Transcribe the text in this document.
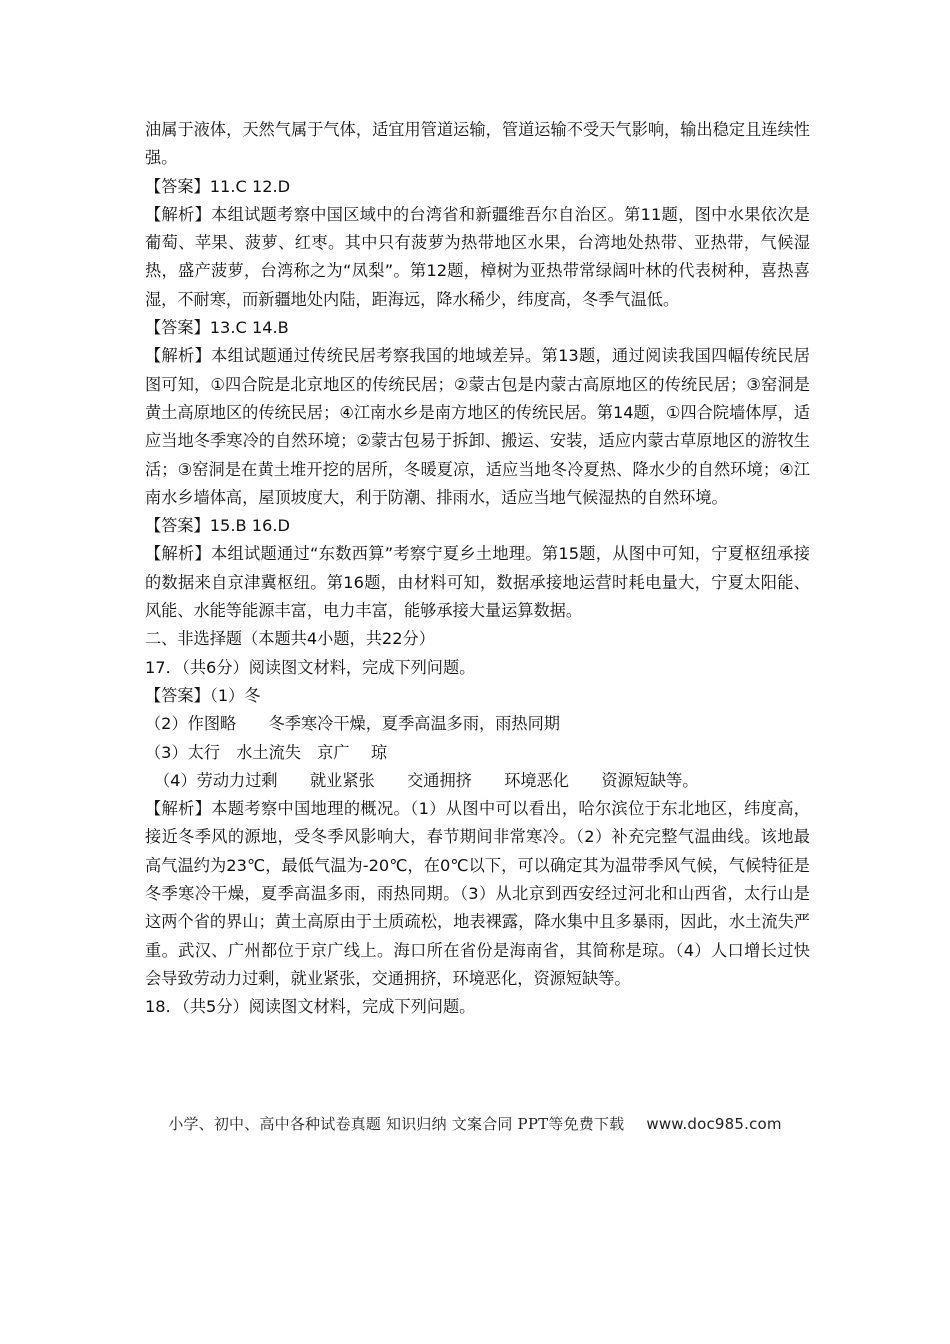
油属于液体，天然气属于气体，适宜用管道运输，管道运输不受天气影响，输出稳定且连续性强。

【答案】11.C 12.D

【解析】本组试题考察中国区域中的台湾省和新疆维吾尔自治区。第11题，图中水果依次是葡萄、苹果、菠萝、红枣。其中只有菠萝为热带地区水果，台湾地处热带、亚热带，气候湿热，盛产菠萝，台湾称之为“凤梨”。第12题，樟树为亚热带常绿阔叶林的代表树种，喜热喜湿，不耐寒，而新疆地处内陆，距海远，降水稀少，纬度高，冬季气温低。

【答案】13.C 14.B

【解析】本组试题通过传统民居考察我国的地域差异。第13题，通过阅读我国四幅传统民居图可知，①四合院是北京地区的传统民居；②蒙古包是内蒙古高原地区的传统民居；③窑洞是黄土高原地区的传统民居；④江南水乡是南方地区的传统民居。第14题，①四合院墙体厚，适应当地冬季寒冷的自然环境；②蒙古包易于拆卸、搬运、安装，适应内蒙古草原地区的游牧生活；③窑洞是在黄土堆开挖的居所，冬暖夏凉，适应当地冬冷夏热、降水少的自然环境；④江南水乡墙体高，屋顶坡度大，利于防潮、排雨水，适应当地气候湿热的自然环境。

【答案】15.B 16.D

【解析】本组试题通过“东数西算”考察宁夏乡土地理。第15题，从图中可知，宁夏枢纽承接的数据来自京津冀枢纽。第16题，由材料可知，数据承接地运营时耗电量大，宁夏太阳能、风能、水能等能源丰富，电力丰富，能够承接大量运算数据。

二、非选择题（本题共4小题，共22分）

17．（共6分）阅读图文材料，完成下列问题。

【答案】（1）冬

（2）作图略　　冬季寒冷干燥，夏季高温多雨，雨热同期

（3）太行　水土流失　京广　 琼

（4）劳动力过剩　　就业紧张　　交通拥挤　　环境恶化　　资源短缺等。

【解析】本题考察中国地理的概况。（1）从图中可以看出，哈尔滨位于东北地区，纬度高，接近冬季风的源地，受冬季风影响大，春节期间非常寒冷。（2）补充完整气温曲线。该地最高气温约为23℃，最低气温为-20℃，在0℃以下，可以确定其为温带季风气候，气候特征是冬季寒冷干燥，夏季高温多雨，雨热同期。（3）从北京到西安经过河北和山西省，太行山是这两个省的界山；黄土高原由于土质疏松，地表裸露，降水集中且多暴雨，因此，水土流失严重。武汉、广州都位于京广线上。海口所在省份是海南省，其简称是琼。（4）人口增长过快会导致劳动力过剩，就业紧张，交通拥挤，环境恶化，资源短缺等。

18．（共5分）阅读图文材料，完成下列问题。

小学、初中、高中各种试卷真题 知识归纳 文案合同 PPT等免费下载 www.doc985.com
